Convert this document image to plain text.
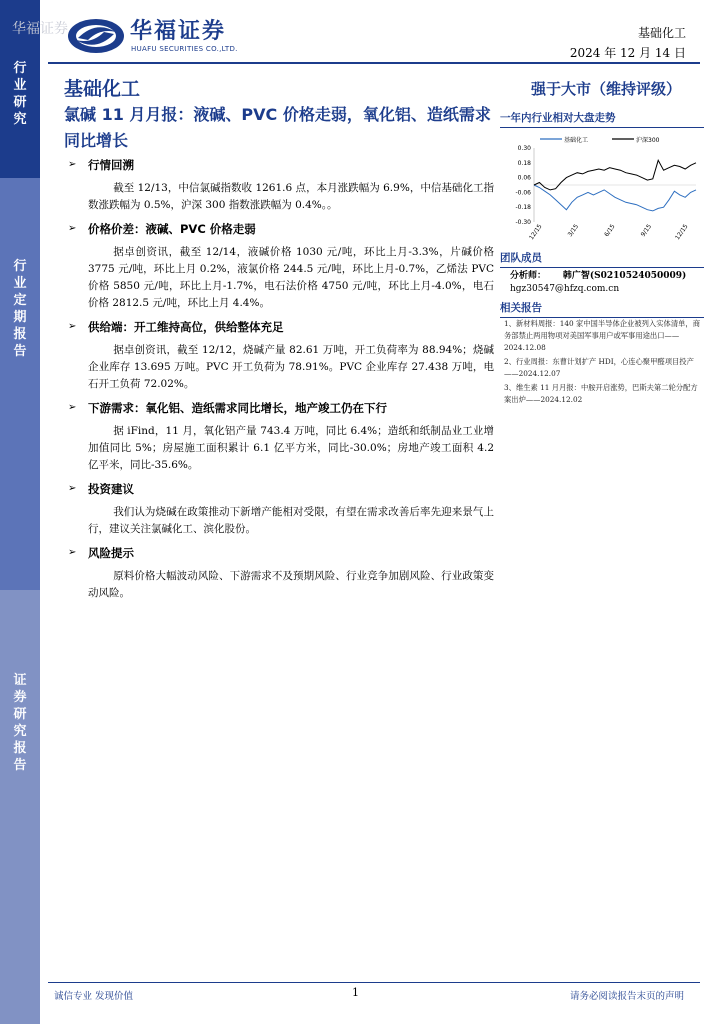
行
业
研
究
行
业
定
期
报
告
证
券
研
究
报
告
华福证券	华福证券
HUAFU SECURITIES CO.,LTD.
基础化工
2024 年 12 月 14 日
基础化工
氯碱 11 月月报：液碱、PVC 价格走弱，氧化铝、造纸需求同比增长
➢ 行情回溯
截至 12/13，中信氯碱指数收 1261.6 点，本月涨跌幅为 6.9%，中信基础化工指数涨跌幅为 0.5%，沪深 300 指数涨跌幅为 0.4%。。
➢ 价格价差：液碱、PVC 价格走弱
据卓创资讯，截至 12/14，液碱价格 1030 元/吨，环比上月-3.3%，片碱价格 3775 元/吨，环比上月 0.2%，液氯价格 244.5 元/吨，环比上月-0.7%，乙烯法 PVC 价格 5850 元/吨，环比上月-1.7%，电石法价格 4750 元/吨，环比上月-4.0%，电石价格 2812.5 元/吨，环比上月 4.4%。
➢ 供给端：开工维持高位，供给整体充足
据卓创资讯，截至 12/12，烧碱产量 82.61 万吨，开工负荷率为 88.94%；烧碱企业库存 13.695 万吨。PVC 开工负荷为 78.91%。PVC 企业库存 27.438 万吨，电石开工负荷 72.02%。
➢ 下游需求：氧化铝、造纸需求同比增长，地产竣工仍在下行
据 iFind，11 月，氧化铝产量 743.4 万吨，同比 6.4%；造纸和纸制品业工业增加值同比 5%；房屋施工面积累计 6.1 亿平方米，同比-30.0%；房地产竣工面积 4.2 亿平米，同比-35.6%。
➢ 投资建议
我们认为烧碱在政策推动下新增产能相对受限，有望在需求改善后率先迎来景气上行，建议关注氯碱化工、滨化股份。
➢ 风险提示
原料价格大幅波动风险、下游需求不及预期风险、行业竞争加剧风险、行业政策变动风险。
强于大市（维持评级）
一年内行业相对大盘走势
基础化工	沪深300
0.30
0.18
0.06
-0.06
-0.18
-0.30
12/15	3/15	6/15	9/15	12/15
团队成员
分析师： 韩广智(S0210524050009)
hgz30547@hfzq.com.cn
相关报告
1、新材料周报：140 家中国半导体企业被列入实体清单，商务部禁止两用物项对美国军事用户或军事用途出口——2024.12.08
2、行业周报：东曹计划扩产 HDI，心连心聚甲醛项目投产——2024.12.07
3、维生素 11 月月报：中胺开启涨势，巴斯夫第二轮分配方案出炉——2024.12.02
诚信专业 发现价值	1	请务必阅读报告末页的声明
